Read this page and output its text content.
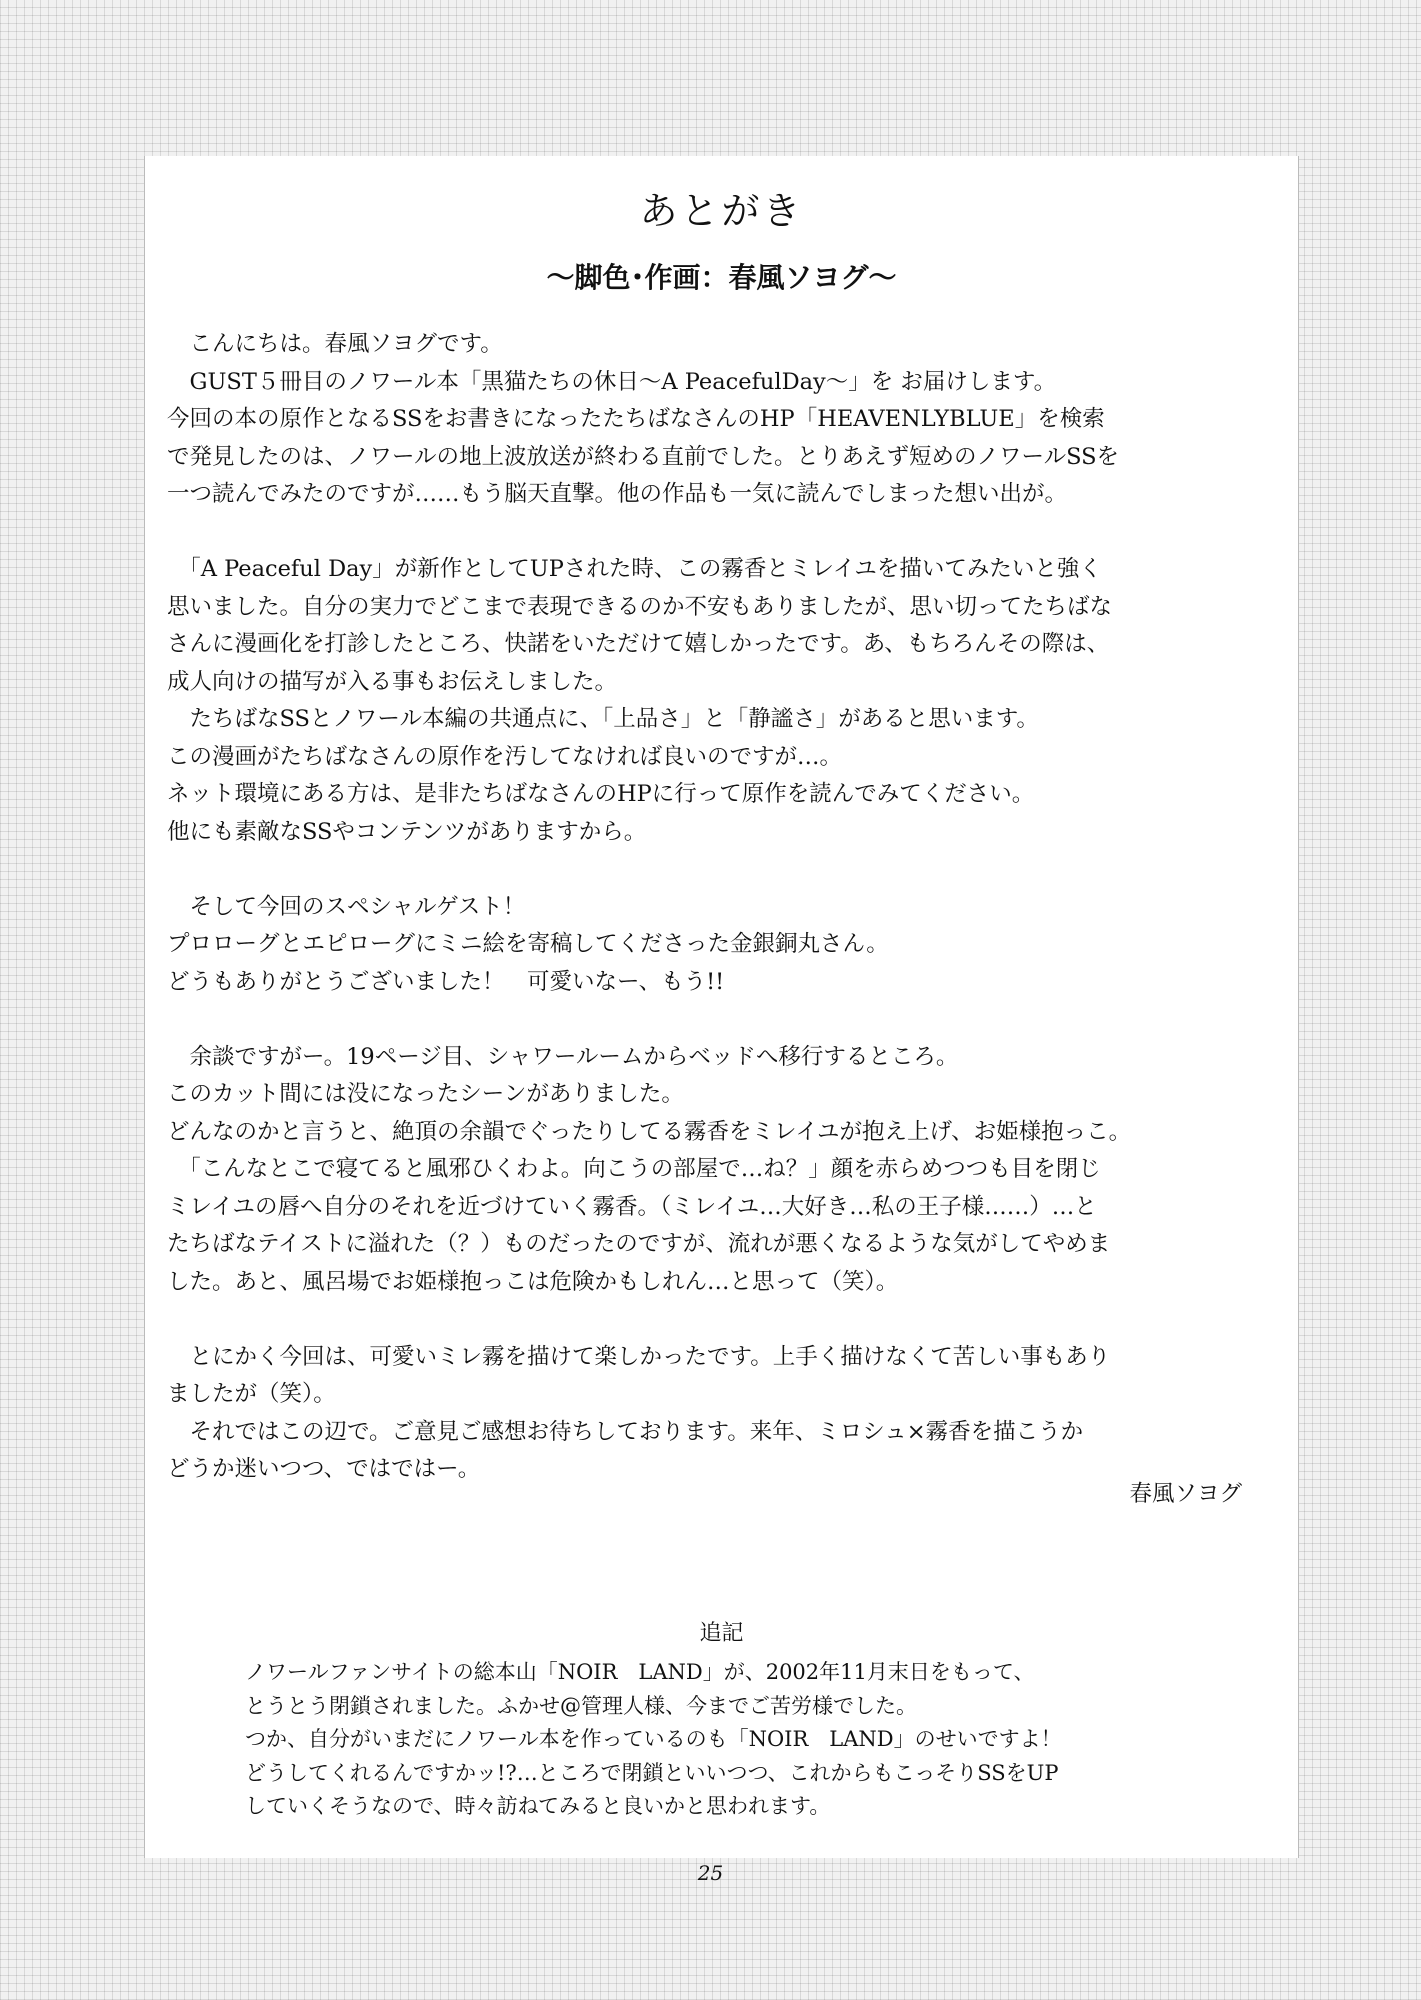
あとがき
〜脚色･作画：春風ソヨグ〜
　こんにちは。春風ソヨグです。
　GUST５冊目のノワール本「黒猫たちの休日〜A PeacefulDay〜」を お届けします。
今回の本の原作となるSSをお書きになったたちばなさんのHP「HEAVENLYBLUE」を検索
で発見したのは、ノワールの地上波放送が終わる直前でした。とりあえず短めのノワールSSを
一つ読んでみたのですが……もう脳天直撃。他の作品も一気に読んでしまった想い出が。
　「A Peaceful Day」が新作としてUPされた時、この霧香とミレイユを描いてみたいと強く
思いました。自分の実力でどこまで表現できるのか不安もありましたが、思い切ってたちばな
さんに漫画化を打診したところ、快諾をいただけて嬉しかったです。あ、もちろんその際は、
成人向けの描写が入る事もお伝えしました。
　たちばなSSとノワール本編の共通点に、「上品さ」と「静謐さ」があると思います。
この漫画がたちばなさんの原作を汚してなければ良いのですが…。
ネット環境にある方は、是非たちばなさんのHPに行って原作を読んでみてください。
他にも素敵なSSやコンテンツがありますから。
　そして今回のスペシャルゲスト！
プロローグとエピローグにミニ絵を寄稿してくださった金銀銅丸さん。
どうもありがとうございました！　可愛いなー、もう!!
　余談ですがー。19ページ目、シャワールームからベッドへ移行するところ。
このカット間には没になったシーンがありました。
どんなのかと言うと、絶頂の余韻でぐったりしてる霧香をミレイユが抱え上げ、お姫様抱っこ。
　「こんなとこで寝てると風邪ひくわよ。向こうの部屋で…ね？」顔を赤らめつつも目を閉じ
ミレイユの唇へ自分のそれを近づけていく霧香。（ミレイユ…大好き…私の王子様……）…と
たちばなテイストに溢れた（？）ものだったのですが、流れが悪くなるような気がしてやめま
した。あと、風呂場でお姫様抱っこは危険かもしれん…と思って（笑）。
　とにかく今回は、可愛いミレ霧を描けて楽しかったです。上手く描けなくて苦しい事もあり
ましたが（笑）。
　それではこの辺で。ご意見ご感想お待ちしております。来年、ミロシュ×霧香を描こうか
どうか迷いつつ、ではではー。
春風ソヨグ
追記
ノワールファンサイトの総本山「NOIR　LAND」が、2002年11月末日をもって、
とうとう閉鎖されました。ふかせ@管理人様、今までご苦労様でした。
つか、自分がいまだにノワール本を作っているのも「NOIR　LAND」のせいですよ！
どうしてくれるんですかッ!?…ところで閉鎖といいつつ、これからもこっそりSSをUP
していくそうなので、時々訪ねてみると良いかと思われます。
25
